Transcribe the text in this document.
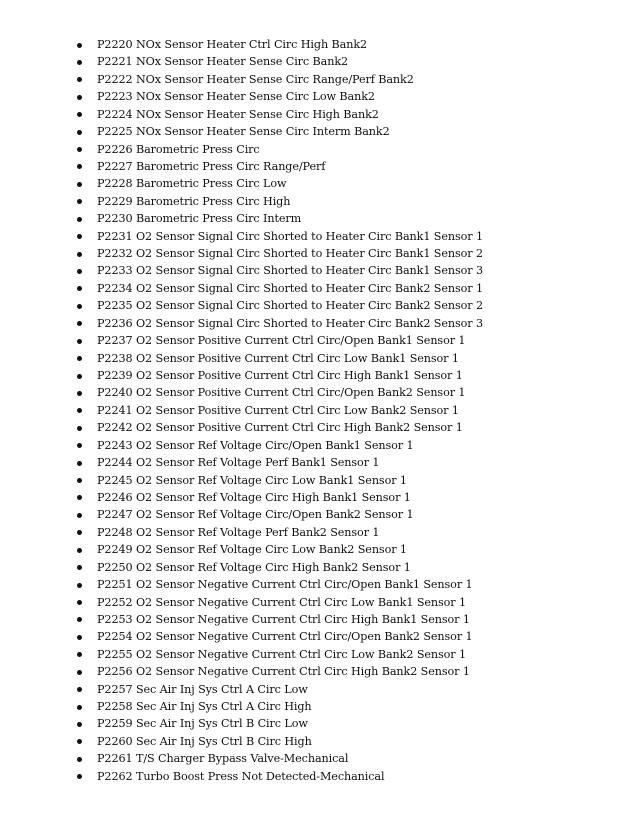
P2220 NOx Sensor Heater Ctrl Circ High Bank2
P2221 NOx Sensor Heater Sense Circ Bank2
P2222 NOx Sensor Heater Sense Circ Range/Perf Bank2
P2223 NOx Sensor Heater Sense Circ Low Bank2
P2224 NOx Sensor Heater Sense Circ High Bank2
P2225 NOx Sensor Heater Sense Circ Interm Bank2
P2226 Barometric Press Circ
P2227 Barometric Press Circ Range/Perf
P2228 Barometric Press Circ Low
P2229 Barometric Press Circ High
P2230 Barometric Press Circ Interm
P2231 O2 Sensor Signal Circ Shorted to Heater Circ Bank1 Sensor 1
P2232 O2 Sensor Signal Circ Shorted to Heater Circ Bank1 Sensor 2
P2233 O2 Sensor Signal Circ Shorted to Heater Circ Bank1 Sensor 3
P2234 O2 Sensor Signal Circ Shorted to Heater Circ Bank2 Sensor 1
P2235 O2 Sensor Signal Circ Shorted to Heater Circ Bank2 Sensor 2
P2236 O2 Sensor Signal Circ Shorted to Heater Circ Bank2 Sensor 3
P2237 O2 Sensor Positive Current Ctrl Circ/Open Bank1 Sensor 1
P2238 O2 Sensor Positive Current Ctrl Circ Low Bank1 Sensor 1
P2239 O2 Sensor Positive Current Ctrl Circ High Bank1 Sensor 1
P2240 O2 Sensor Positive Current Ctrl Circ/Open Bank2 Sensor 1
P2241 O2 Sensor Positive Current Ctrl Circ Low Bank2 Sensor 1
P2242 O2 Sensor Positive Current Ctrl Circ High Bank2 Sensor 1
P2243 O2 Sensor Ref Voltage Circ/Open Bank1 Sensor 1
P2244 O2 Sensor Ref Voltage Perf Bank1 Sensor 1
P2245 O2 Sensor Ref Voltage Circ Low Bank1 Sensor 1
P2246 O2 Sensor Ref Voltage Circ High Bank1 Sensor 1
P2247 O2 Sensor Ref Voltage Circ/Open Bank2 Sensor 1
P2248 O2 Sensor Ref Voltage Perf Bank2 Sensor 1
P2249 O2 Sensor Ref Voltage Circ Low Bank2 Sensor 1
P2250 O2 Sensor Ref Voltage Circ High Bank2 Sensor 1
P2251 O2 Sensor Negative Current Ctrl Circ/Open Bank1 Sensor 1
P2252 O2 Sensor Negative Current Ctrl Circ Low Bank1 Sensor 1
P2253 O2 Sensor Negative Current Ctrl Circ High Bank1 Sensor 1
P2254 O2 Sensor Negative Current Ctrl Circ/Open Bank2 Sensor 1
P2255 O2 Sensor Negative Current Ctrl Circ Low Bank2 Sensor 1
P2256 O2 Sensor Negative Current Ctrl Circ High Bank2 Sensor 1
P2257 Sec Air Inj Sys Ctrl A Circ Low
P2258 Sec Air Inj Sys Ctrl A Circ High
P2259 Sec Air Inj Sys Ctrl B Circ Low
P2260 Sec Air Inj Sys Ctrl B Circ High
P2261 T/S Charger Bypass Valve-Mechanical
P2262 Turbo Boost Press Not Detected-Mechanical
